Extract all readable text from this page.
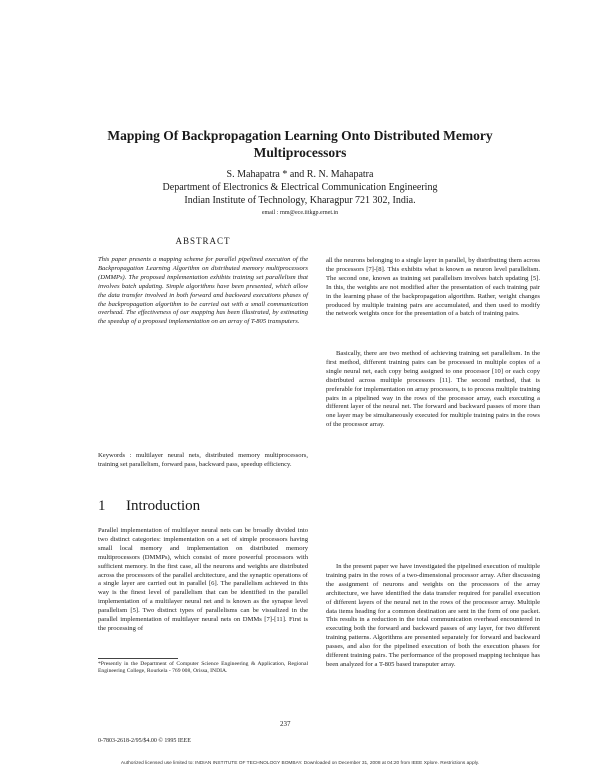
Mapping Of Backpropagation Learning Onto Distributed Memory Multiprocessors
S. Mahapatra * and R. N. Mahapatra
Department of Electronics & Electrical Communication Engineering
Indian Institute of Technology, Kharagpur 721 302, India.
email : rnm@ece.iitkgp.ernet.in
ABSTRACT
This paper presents a mapping scheme for parallel pipelined execution of the Backpropagation Learning Algorithm on distributed memory multiprocessors (DMMPs). The proposed implementation exhibits training set parallelism that involves batch updating. Simple algorithms have been presented, which allow the data transfer involved in both forward and backward executions phases of the backpropagation algorithm to be carried out with a small communication overhead. The effectiveness of our mapping has been illustrated, by estimating the speedup of a proposed implementation on an array of T-805 transputers.
Keywords : multilayer neural nets, distributed memory multiprocessors, training set parallelism, forward pass, backward pass, speedup efficiency.
1 Introduction
Parallel implementation of multilayer neural nets can be broadly divided into two distinct categories: implementation on a set of simple processors having small local memory and implementation on distributed memory multiprocessors (DMMPs), which consist of more powerful processors with sufficient memory. In the first case, all the neurons and weights are distributed across the processors of the parallel architecture, and the synaptic operations of a single layer are carried out in parallel [6]. The parallelism achieved in this way is the finest level of parallelism that can be identified in the parallel implementation of a multilayer neural net and is known as the synapse level parallelism [5]. Two distinct types of parallelisms can be visualized in the parallel implementation of multilayer neural nets on DMMs [7]-[11]. First is the processing of
*Presently in the Department of Computer Science Engineering & Application, Regional Engineering College, Rourkela - 769 008, Orissa, INDIA.
all the neurons belonging to a single layer in parallel, by distributing them across the processors [7]-[8]. This exhibits what is known as neuron level parallelism. The second one, known as training set parallelism involves batch updating [5]. In this, the weights are not modified after the presentation of each training pair in the learning phase of the backpropagation algorithm. Rather, weight changes produced by multiple training pairs are accumulated, and then used to modify the network weights once for the presentation of a batch of training pairs.
Basically, there are two method of achieving training set parallelism. In the first method, different training pairs can be processed in multiple copies of a single neural net, each copy being assigned to one processor [10] or each copy distributed across multiple processors [11]. The second method, that is preferable for implementation on array processors, is to process multiple training pairs in a pipelined way in the rows of the processor array, each executing a different layer of the neural net. The forward and backward passes of more than one layer may be simultaneously executed for multiple training pairs in the rows of the processor array.
In the present paper we have investigated the pipelined execution of multiple training pairs in the rows of a two-dimensional processor array. After discussing the assignment of neurons and weights on the processors of the array architecture, we have identified the data transfer required for parallel execution of different layers of the neural net in the rows of the processor array. Multiple data items heading for a common destination are sent in the form of one packet. This results in a reduction in the total communication overhead encountered in executing both the forward and backward passes of any layer, for two different training patterns. Algorithms are presented separately for forward and backward passes, and also for the pipelined execution of both the execution phases for different training pairs. The performance of the proposed mapping technique has been analyzed for a T-805 based transputer array.
237
0-7803-2618-2/95/$4.00 © 1995 IEEE
Authorized licensed use limited to: INDIAN INSTITUTE OF TECHNOLOGY BOMBAY. Downloaded on December 31, 2008 at 04:20 from IEEE Xplore. Restrictions apply.
